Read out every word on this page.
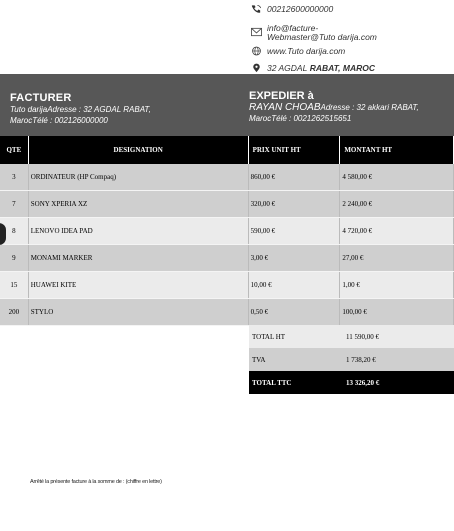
00212600000000
info@facture-
Webmaster@Tuto darija.com
www.Tuto darija.com
32 AGDAL
RABAT, MAROC
FACTURER
Tuto darijaAdresse : 32 AGDAL RABAT,
MarocTélé : 002126000000
EXPEDIER à
RAYAN CHOABAdresse : 32 akkari RABAT,
MarocTélé : 0021262515651
QTE	DESIGNATION	PRIX UNIT HT	MONTANT HT
3	ORDINATEUR (HP Compaq)	860,00 €	4 580,00 €
7	SONY XPERIA XZ	320,00 €	2 240,00 €
8	LENOVO IDEA PAD	590,00 €	4 720,00 €
9	MONAMI MARKER	3,00 €	27,00 €
15	HUAWEI KITE	10,00 €	1,00 €
200	STYLO	0,50 €	100,00 €
TOTAL HT	11 590,00 €
TVA	1 738,20 €
TOTAL TTC	13 326,20 €
Arrêté la présente facture à la somme de : (chiffre en lettre)
